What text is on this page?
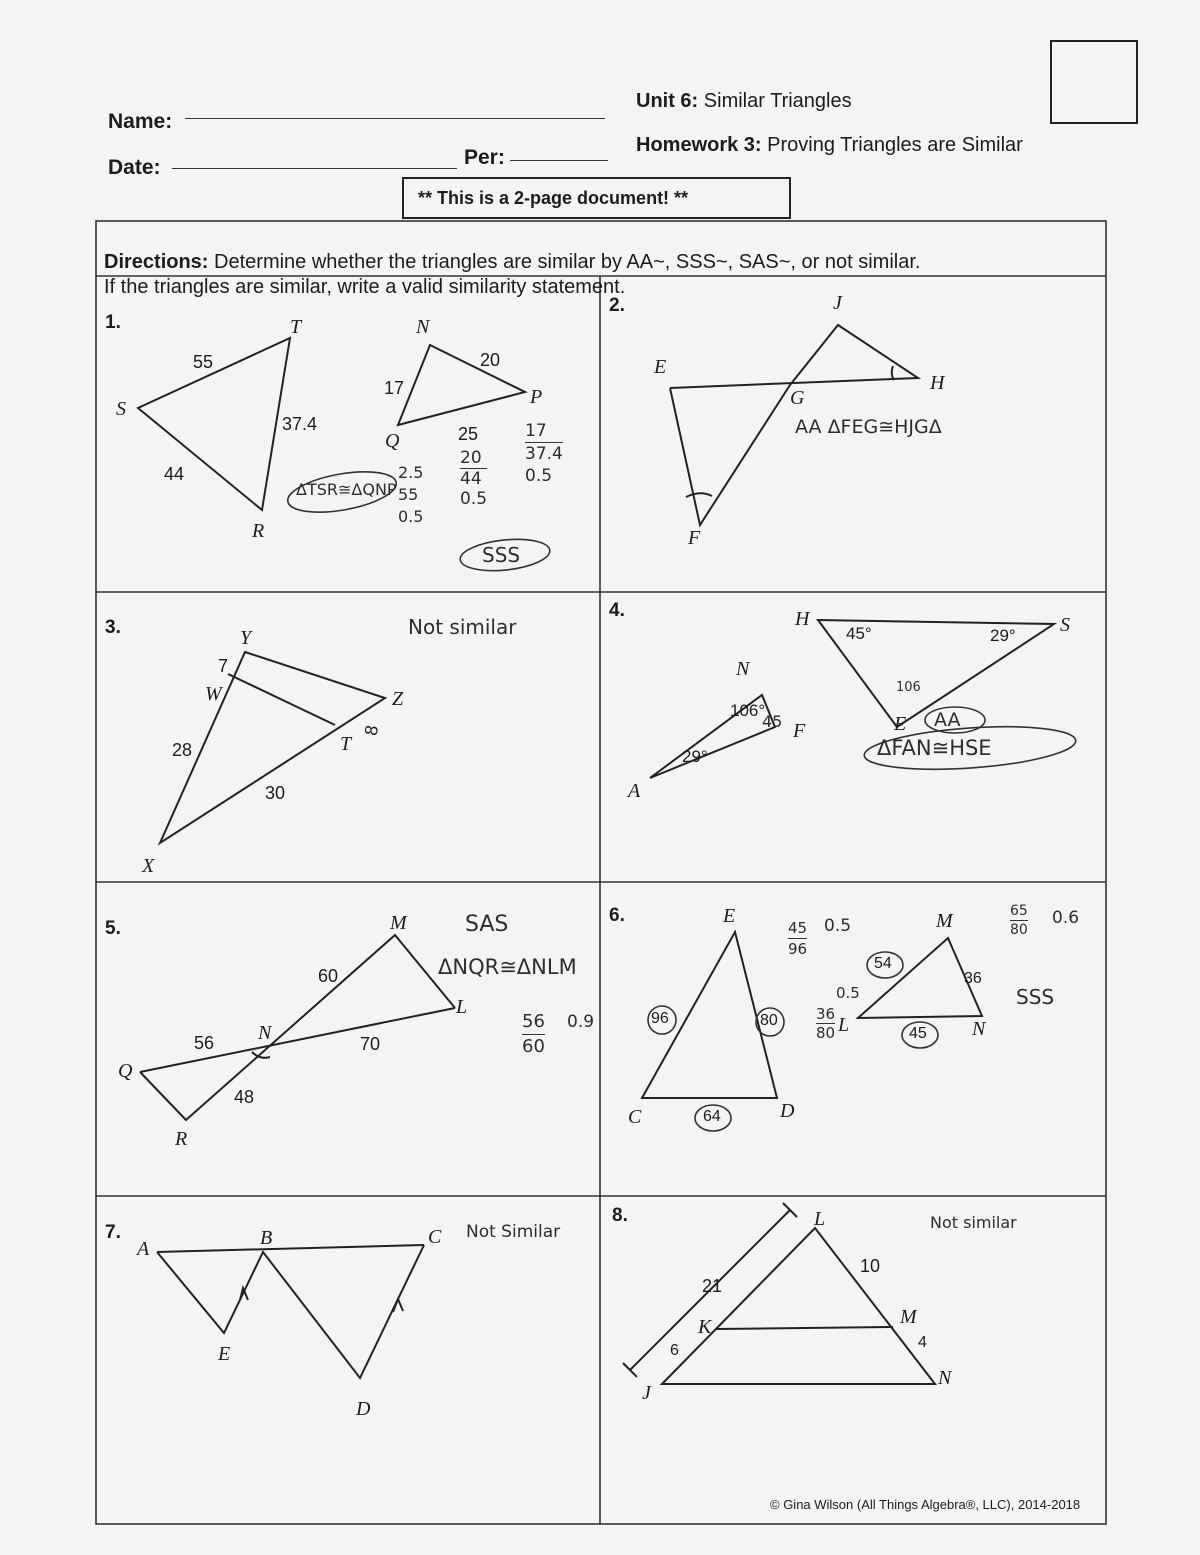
Name:
Date:	Per:
Unit 6: Similar Triangles
Homework 3: Proving Triangles are Similar
** This is a 2-page document! **
Directions: Determine whether the triangles are similar by AA~, SSS~, SAS~, or not similar.
If the triangles are similar, write a valid similarity statement.
1.
2.
3.
4.
5.
6.
7.
8.
S
T
R
N
P
Q
55
44
37.4
17
20
25	17
37.4
0.5
20
44
0.5
2.5
55
0.5
ΔTSR≅ΔQNP
SSS
E
J
G
H
F
AA ΔFEG≅HJGΔ
Y
W	Z
T
X
7
8
28
30
Not similar
N
A
F
H	S
E
106°
29°
45°	29°
45
106
AA
ΔFAN≅HSE
M
N
Q
R
L
60
56	70
48
SAS
ΔNQR≅ΔNLM
56
60
0.9
E
C	D
M
L	N
96	80
64
54
45
36
45
96
0.5
36
80
0.5
65
80
0.6
SSS
A	B	C
E
D
Not Similar
L
K	M
J
N
21
6
10
4
Not similar
© Gina Wilson (All Things Algebra®, LLC), 2014-2018
